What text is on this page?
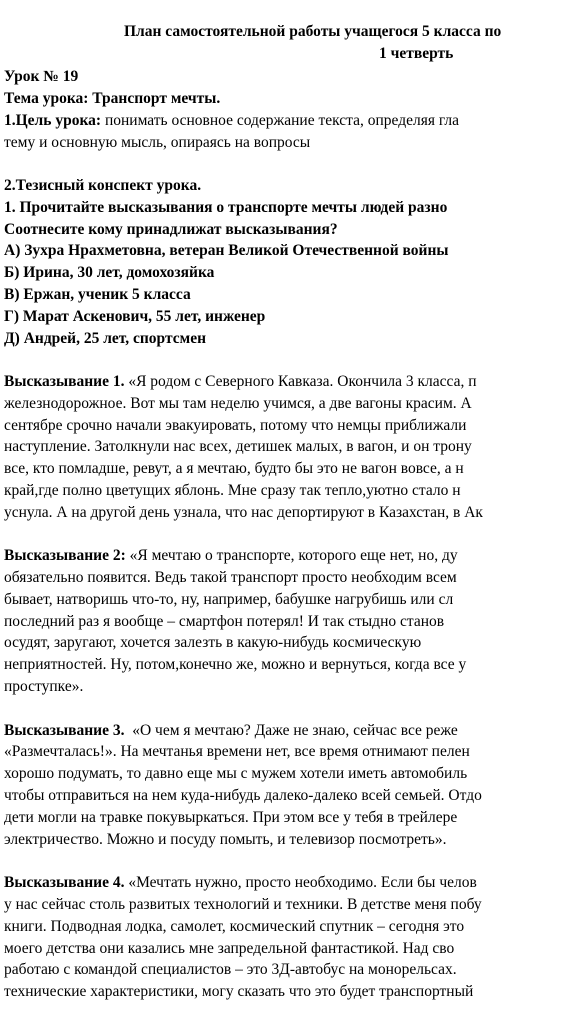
План самостоятельной работы учащегося 5 класса по
1 четверть
Урок № 19
Тема урока: Транспорт мечты.
1.Цель урока: понимать основное содержание текста, определяя гла
тему и основную мысль, опираясь на вопросы
2.Тезисный конспект урока.
1. Прочитайте высказывания о транспорте мечты людей разно
Соотнесите кому принадлижат высказывания?
А) Зухра Нрахметовна, ветеран Великой Отечественной войны
Б) Ирина, 30 лет, домохозяйка
В) Ержан, ученик 5 класса
Г) Марат Аскенович, 55 лет, инженер
Д) Андрей, 25 лет, спортсмен
Высказывание 1. «Я родом с Северного Кавказа. Окончила 3 класса, п
железнодорожное. Вот мы там неделю учимся, а две вагоны красим. А
сентябре срочно начали эвакуировать, потому что немцы приближали
наступление. Затолкнули нас всех, детишек малых, в вагон, и он трону
все, кто помладше, ревут, а я мечтаю, будто бы это не вагон вовсе, а н
край,где полно цветущих яблонь. Мне сразу так тепло,уютно стало н
уснула. А на другой день узнала, что нас депортируют в Казахстан, в Ак
Высказывание 2: «Я мечтаю о транспорте, которого еще нет, но, ду
обязательно появится. Ведь такой транспорт просто необходим всем
бывает, натворишь что-то, ну, например, бабушке нагрубишь или сл
последний раз я вообще – смартфон потерял! И так стыдно станов
осудят, заругают, хочется залезть в какую-нибудь космическую
неприятностей. Ну, потом,конечно же, можно и вернуться, когда все у
проступке».
Высказывание 3.  «О чем я мечтаю? Даже не знаю, сейчас все реже
«Размечталась!». На мечтанья времени нет, все время отнимают пелен
хорошо подумать, то давно еще мы с мужем хотели иметь автомобиль
чтобы отправиться на нем куда-нибудь далеко-далеко всей семьей. Отдо
дети могли на травке покувыркаться. При этом все у тебя в трейлере
электричество. Можно и посуду помыть, и телевизор посмотреть».
Высказывание 4. «Мечтать нужно, просто необходимо. Если бы челов
у нас сейчас столь развитых технологий и техники. В детстве меня побу
книги. Подводная лодка, самолет, космический спутник – сегодня это
моего детства они казались мне запредельной фантастикой. Над сво
работаю с командой специалистов – это 3Д-автобус на монорельсах.
технические характеристики, могу сказать что это будет транспортный
